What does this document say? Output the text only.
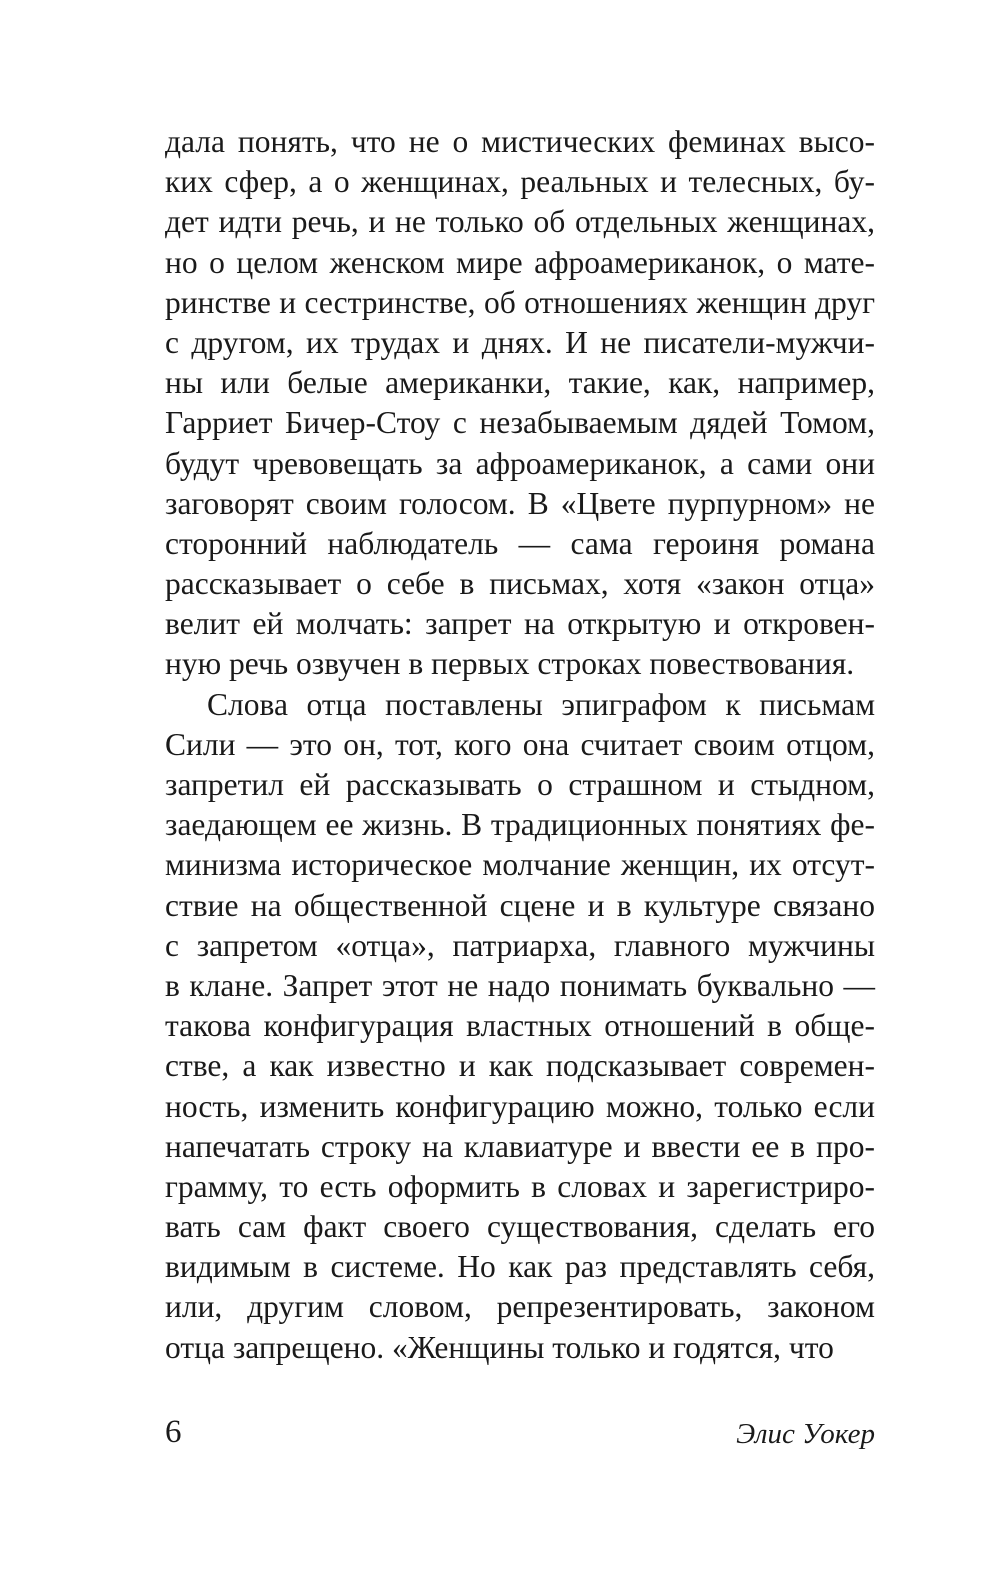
дала понять, что не о мистических феминах высо-
ких сфер, а о женщинах, реальных и телесных, бу-
дет идти речь, и не только об отдельных женщинах,
но о целом женском мире афроамериканок, о мате-
ринстве и сестринстве, об отношениях женщин друг
с другом, их трудах и днях. И не писатели-мужчи-
ны или белые американки, такие, как, например,
Гарриет Бичер-Стоу с незабываемым дядей Томом,
будут чревовещать за афроамериканок, а сами они
заговорят своим голосом. В «Цвете пурпурном» не
сторонний наблюдатель — сама героиня романа
рассказывает о себе в письмах, хотя «закон отца»
велит ей молчать: запрет на открытую и откровен-
ную речь озвучен в первых строках повествования.
Слова отца поставлены эпиграфом к письмам
Сили — это он, тот, кого она считает своим отцом,
запретил ей рассказывать о страшном и стыдном,
заедающем ее жизнь. В традиционных понятиях фе-
минизма историческое молчание женщин, их отсут-
ствие на общественной сцене и в культуре связано
с запретом «отца», патриарха, главного мужчины
в клане. Запрет этот не надо понимать буквально —
такова конфигурация властных отношений в обще-
стве, а как известно и как подсказывает современ-
ность, изменить конфигурацию можно, только если
напечатать строку на клавиатуре и ввести ее в про-
грамму, то есть оформить в словах и зарегистриро-
вать сам факт своего существования, сделать его
видимым в системе. Но как раз представлять себя,
или, другим словом, репрезентировать, законом
отца запрещено. «Женщины только и годятся, что
6	Элис Уокер
